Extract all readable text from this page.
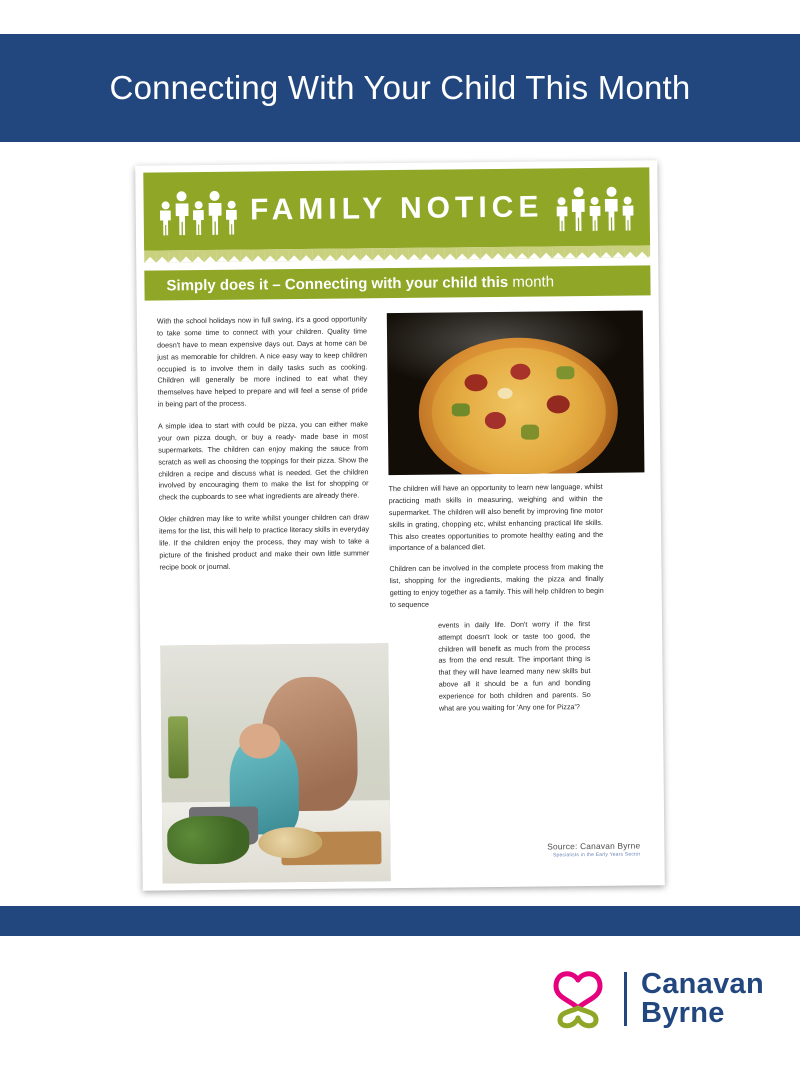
Connecting With Your Child This Month
FAMILY NOTICE
Simply does it – Connecting with your child this month

With the school holidays now in full swing, it's a good opportunity to take some time to connect with your children. Quality time doesn't have to mean expensive days out. Days at home can be just as memorable for children. A nice easy way to keep children occupied is to involve them in daily tasks such as cooking. Children will generally be more inclined to eat what they themselves have helped to prepare and will feel a sense of pride in being part of the process.

A simple idea to start with could be pizza, you can either make your own pizza dough, or buy a ready- made base in most supermarkets. The children can enjoy making the sauce from scratch as well as choosing the toppings for their pizza. Show the children a recipe and discuss what is needed. Get the children involved by encouraging them to make the list for shopping or check the cupboards to see what ingredients are already there.

Older children may like to write whilst younger children can draw items for the list, this will help to practice literacy skills in everyday life. If the children enjoy the process, they may wish to take a picture of the finished product and make their own little summer recipe book or journal.

The children will have an opportunity to learn new language, whilst practicing math skills in measuring, weighing and within the supermarket. The children will also benefit by improving fine motor skills in grating, chopping etc, whilst enhancing practical life skills. This also creates opportunities to promote healthy eating and the importance of a balanced diet.

Children can be involved in the complete process from making the list, shopping for the ingredients, making the pizza and finally getting to enjoy together as a family. This will help children to begin to sequence

events in daily life. Don't worry if the first attempt doesn't look or taste too good, the children will benefit as much from the process as from the end result. The important thing is that they will have learned many new skills but above all it should be a fun and bonding experience for both children and parents. So what are you waiting for 'Any one for Pizza'?

Source: Canavan Byrne
Specialists in the Early Years Sector
Canavan
Byrne
